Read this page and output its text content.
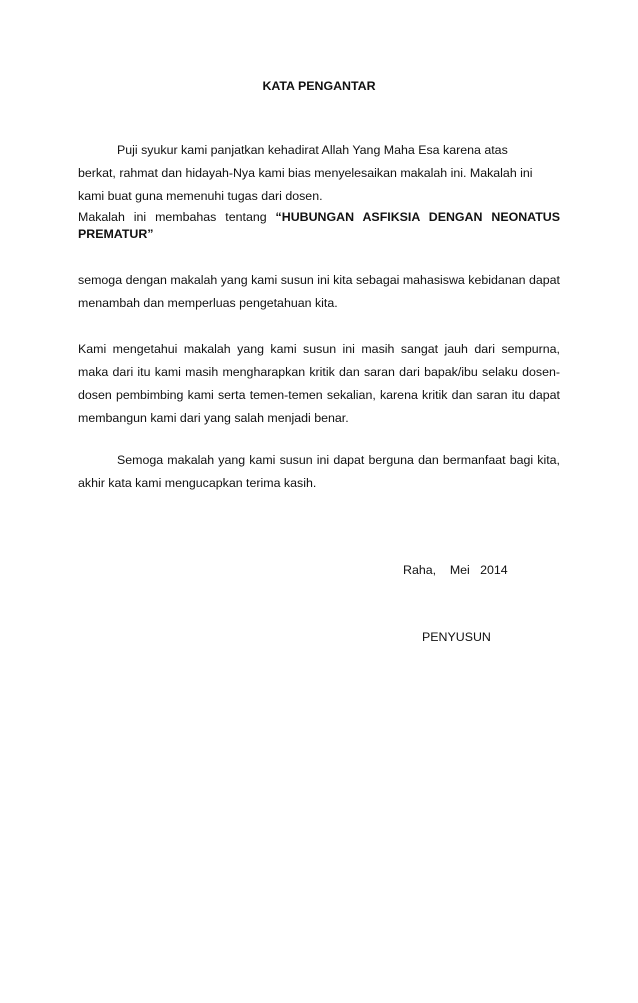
KATA PENGANTAR
Puji syukur kami panjatkan kehadirat Allah Yang Maha Esa karena atas
berkat, rahmat dan hidayah-Nya kami bias menyelesaikan makalah ini. Makalah ini
kami buat guna memenuhi tugas dari dosen.
Makalah ini membahas tentang “HUBUNGAN ASFIKSIA DENGAN NEONATUS PREMATUR”

semoga dengan makalah yang kami susun ini kita sebagai mahasiswa kebidanan dapat menambah dan memperluas pengetahuan kita.

Kami mengetahui makalah yang kami susun ini masih sangat jauh dari sempurna, maka dari itu kami masih mengharapkan kritik dan saran dari bapak/ibu selaku dosen-dosen pembimbing kami serta temen-temen sekalian, karena kritik dan saran itu dapat membangun kami dari yang salah menjadi benar.

Semoga makalah yang kami susun ini dapat berguna dan bermanfaat bagi kita, akhir kata kami mengucapkan terima kasih.

Raha,    Mei   2014
PENYUSUN
